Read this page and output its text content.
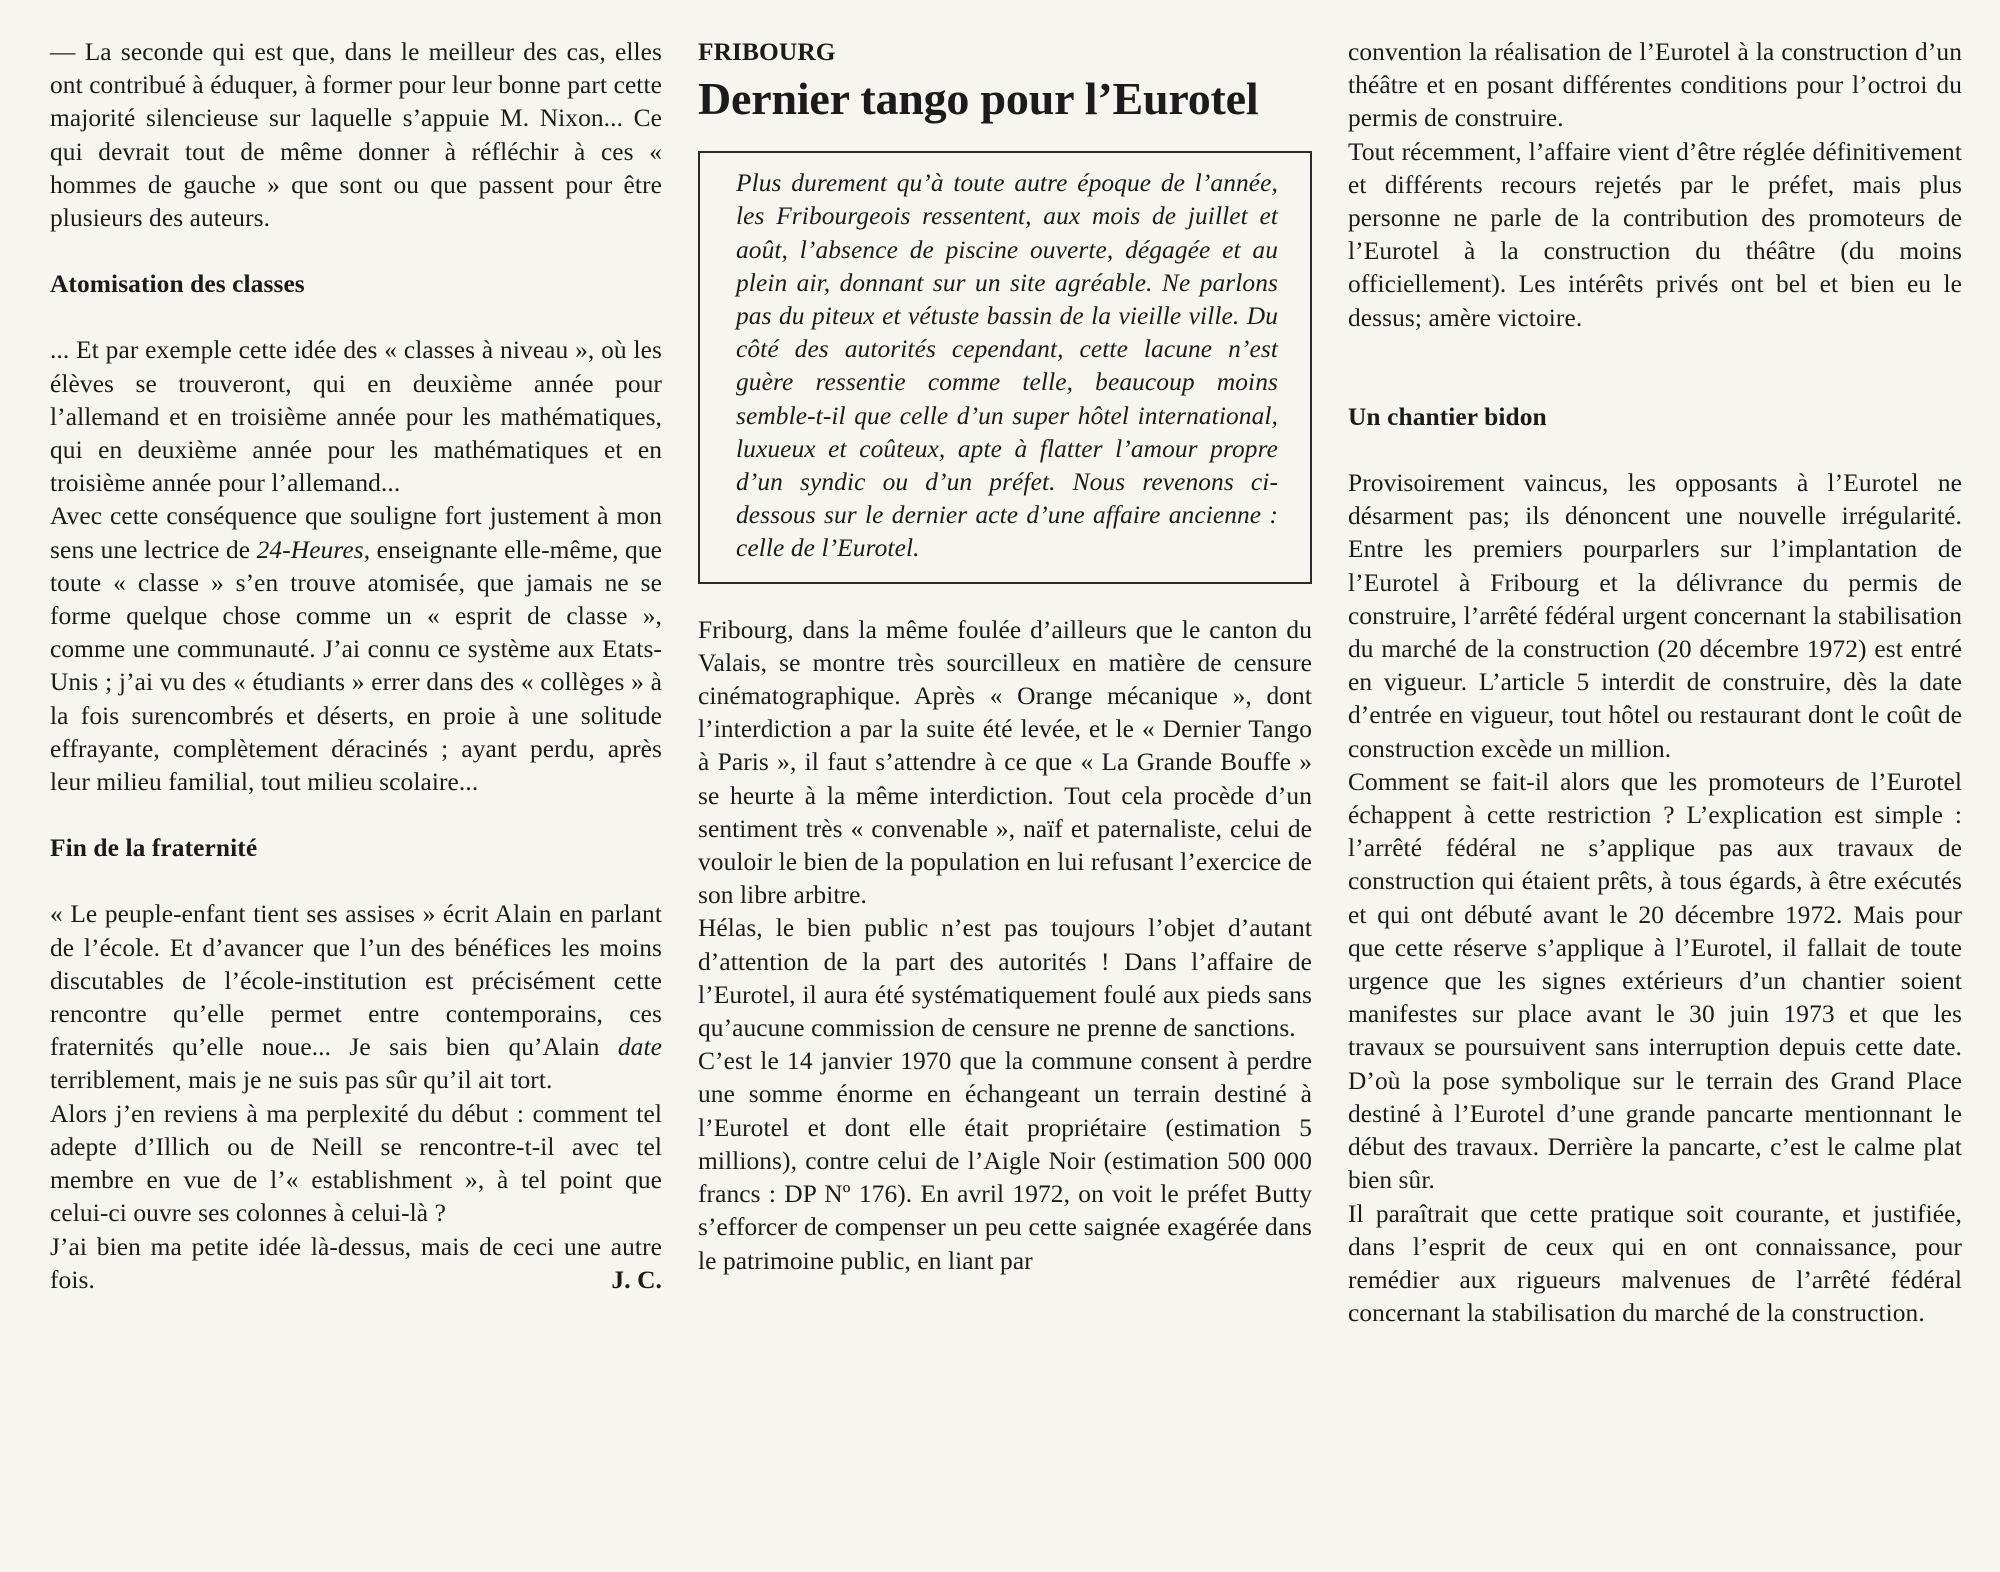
— La seconde qui est que, dans le meilleur des cas, elles ont contribué à éduquer, à former pour leur bonne part cette majorité silencieuse sur laquelle s’appuie M. Nixon... Ce qui devrait tout de même donner à réfléchir à ces « hommes de gauche » que sont ou que passent pour être plusieurs des auteurs.

Atomisation des classes

... Et par exemple cette idée des « classes à niveau », où les élèves se trouveront, qui en deuxième année pour l’allemand et en troisième année pour les mathématiques, qui en deuxième année pour les mathématiques et en troisième année pour l’allemand...

Avec cette conséquence que souligne fort justement à mon sens une lectrice de 24-Heures, enseignante elle-même, que toute « classe » s’en trouve atomisée, que jamais ne se forme quelque chose comme un « esprit de classe », comme une communauté. J’ai connu ce système aux Etats-Unis ; j’ai vu des « étudiants » errer dans des « collèges » à la fois surencombrés et déserts, en proie à une solitude effrayante, complètement déracinés ; ayant perdu, après leur milieu familial, tout milieu scolaire...

Fin de la fraternité

« Le peuple-enfant tient ses assises » écrit Alain en parlant de l’école. Et d’avancer que l’un des bénéfices les moins discutables de l’école-institution est précisément cette rencontre qu’elle permet entre contemporains, ces fraternités qu’elle noue... Je sais bien qu’Alain date terriblement, mais je ne suis pas sûr qu’il ait tort.

Alors j’en reviens à ma perplexité du début : comment tel adepte d’Illich ou de Neill se rencontre-t-il avec tel membre en vue de l’« establishment », à tel point que celui-ci ouvre ses colonnes à celui-là ?

J’ai bien ma petite idée là-dessus, mais de ceci une autre fois.	J. C.

FRIBOURG

Dernier tango pour l’Eurotel

Plus durement qu’à toute autre époque de l’année, les Fribourgeois ressentent, aux mois de juillet et août, l’absence de piscine ouverte, dégagée et au plein air, donnant sur un site agréable. Ne parlons pas du piteux et vétuste bassin de la vieille ville. Du côté des autorités cependant, cette lacune n’est guère ressentie comme telle, beaucoup moins semble-t-il que celle d’un super hôtel international, luxueux et coûteux, apte à flatter l’amour propre d’un syndic ou d’un préfet. Nous revenons ci-dessous sur le dernier acte d’une affaire ancienne : celle de l’Eurotel.

Fribourg, dans la même foulée d’ailleurs que le canton du Valais, se montre très sourcilleux en matière de censure cinématographique. Après « Orange mécanique », dont l’interdiction a par la suite été levée, et le « Dernier Tango à Paris », il faut s’attendre à ce que « La Grande Bouffe » se heurte à la même interdiction. Tout cela procède d’un sentiment très « convenable », naïf et paternaliste, celui de vouloir le bien de la population en lui refusant l’exercice de son libre arbitre.

Hélas, le bien public n’est pas toujours l’objet d’autant d’attention de la part des autorités ! Dans l’affaire de l’Eurotel, il aura été systématiquement foulé aux pieds sans qu’aucune commission de censure ne prenne de sanctions.

C’est le 14 janvier 1970 que la commune consent à perdre une somme énorme en échangeant un terrain destiné à l’Eurotel et dont elle était propriétaire (estimation 5 millions), contre celui de l’Aigle Noir (estimation 500 000 francs : DP Nº 176). En avril 1972, on voit le préfet Butty s’efforcer de compenser un peu cette saignée exagérée dans le patrimoine public, en liant par

convention la réalisation de l’Eurotel à la construction d’un théâtre et en posant différentes conditions pour l’octroi du permis de construire.

Tout récemment, l’affaire vient d’être réglée définitivement et différents recours rejetés par le préfet, mais plus personne ne parle de la contribution des promoteurs de l’Eurotel à la construction du théâtre (du moins officiellement). Les intérêts privés ont bel et bien eu le dessus; amère victoire.

Un chantier bidon

Provisoirement vaincus, les opposants à l’Eurotel ne désarment pas; ils dénoncent une nouvelle irrégularité. Entre les premiers pourparlers sur l’implantation de l’Eurotel à Fribourg et la délivrance du permis de construire, l’arrêté fédéral urgent concernant la stabilisation du marché de la construction (20 décembre 1972) est entré en vigueur. L’article 5 interdit de construire, dès la date d’entrée en vigueur, tout hôtel ou restaurant dont le coût de construction excède un million.

Comment se fait-il alors que les promoteurs de l’Eurotel échappent à cette restriction ? L’explication est simple : l’arrêté fédéral ne s’applique pas aux travaux de construction qui étaient prêts, à tous égards, à être exécutés et qui ont débuté avant le 20 décembre 1972. Mais pour que cette réserve s’applique à l’Eurotel, il fallait de toute urgence que les signes extérieurs d’un chantier soient manifestes sur place avant le 30 juin 1973 et que les travaux se poursuivent sans interruption depuis cette date. D’où la pose symbolique sur le terrain des Grand Place destiné à l’Eurotel d’une grande pancarte mentionnant le début des travaux. Derrière la pancarte, c’est le calme plat bien sûr.

Il paraîtrait que cette pratique soit courante, et justifiée, dans l’esprit de ceux qui en ont connaissance, pour remédier aux rigueurs malvenues de l’arrêté fédéral concernant la stabilisation du marché de la construction.
